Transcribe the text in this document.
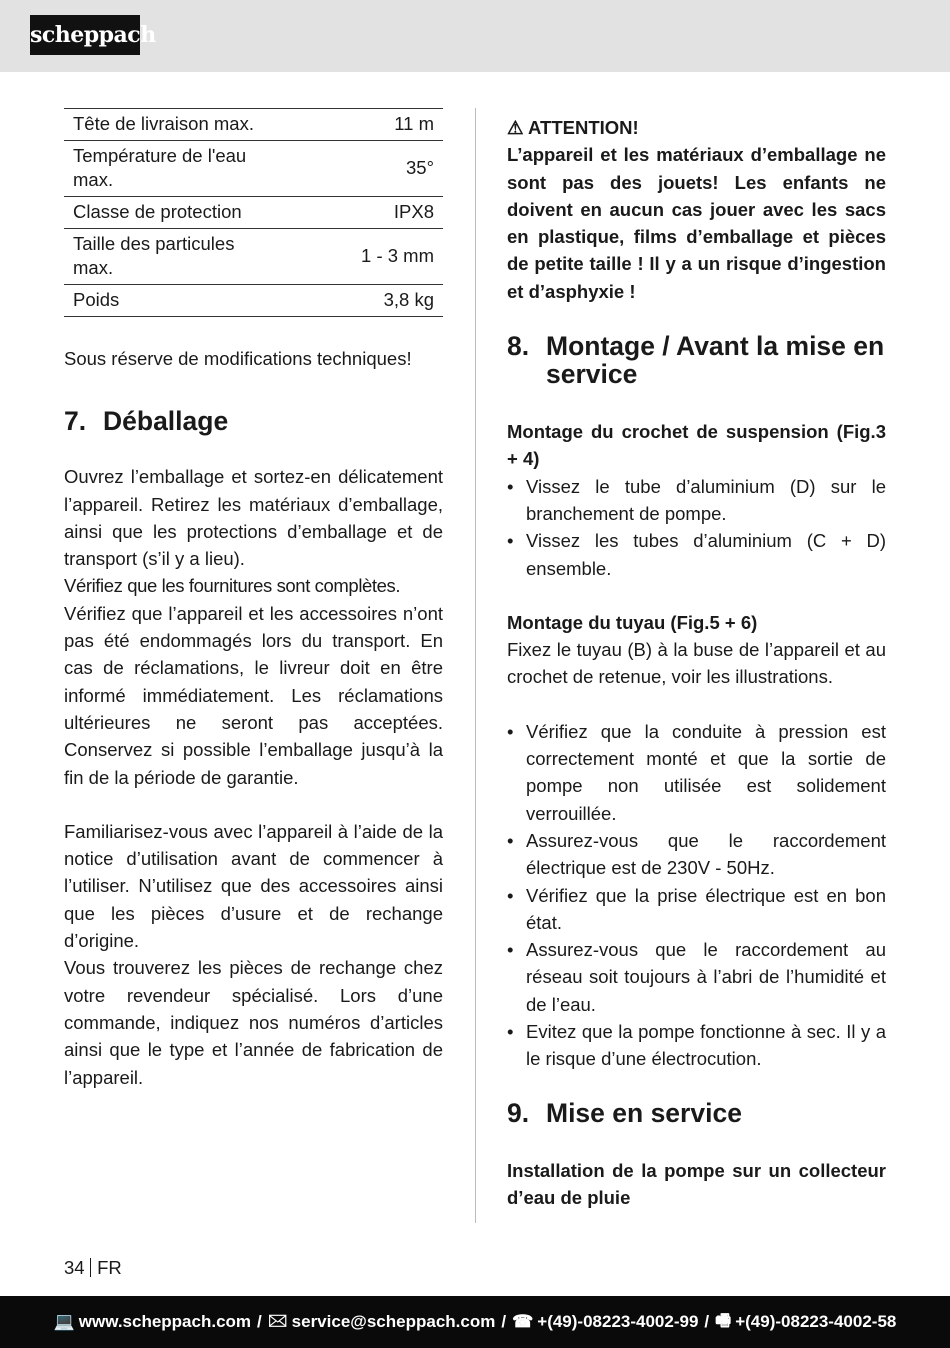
scheppach
Tête de livraison max.	11 m
Température de l'eau max.	35°
Classe de protection	IPX8
Taille des particules max.	1 - 3 mm
Poids	3,8 kg

Sous réserve de modifications techniques!

7. Déballage

Ouvrez l’emballage et sortez-en délicatement l’appareil. Retirez les matériaux d’emballage, ainsi que les protections d’emballage et de transport (s’il y a lieu).

Vérifiez que les fournitures sont complètes.

Vérifiez que l’appareil et les accessoires n’ont pas été endommagés lors du transport. En cas de réclamations, le livreur doit en être informé immédiatement. Les réclamations ultérieures ne seront pas acceptées. Conservez si possible l’emballage jusqu’à la fin de la période de garantie.

Familiarisez-vous avec l’appareil à l’aide de la notice d’utilisation avant de commencer à l’utiliser. N’utilisez que des accessoires ainsi que les pièces d’usure et de rechange d’origine.

Vous trouverez les pièces de rechange chez votre revendeur spécialisé. Lors d’une commande, indiquez nos numéros d’articles ainsi que le type et l’année de fabrication de l’appareil.

⚠ ATTENTION!

L’appareil et les matériaux d’emballage ne sont pas des jouets! Les enfants ne doivent en aucun cas jouer avec les sacs en plastique, films d’emballage et pièces de petite taille ! Il y a un risque d’ingestion et d’asphyxie !

8. Montage / Avant la mise en service

Montage du crochet de suspension (Fig.3 + 4)

• Vissez le tube d’aluminium (D) sur le branchement de pompe.
• Vissez les tubes d’aluminium (C + D) ensemble.

Montage du tuyau (Fig.5 + 6)

Fixez le tuyau (B) à la buse de l’appareil et au crochet de retenue, voir les illustrations.

• Vérifiez que la conduite à pression est correctement monté et que la sortie de pompe non utilisée est solidement verrouillée.
• Assurez-vous que le raccordement électrique est de 230V - 50Hz.
• Vérifiez que la prise électrique est en bon état.
• Assurez-vous que le raccordement au réseau soit toujours à l’abri de l’humidité et de l’eau.
• Evitez que la pompe fonctionne à sec. Il y a le risque d’une électrocution.
9. Mise en service

Installation de la pompe sur un collecteur d’eau de pluie

34 FR
💻 www.scheppach.com / 🖂 service@scheppach.com / ☎ +(49)-08223-4002-99 / 🖷 +(49)-08223-4002-58
